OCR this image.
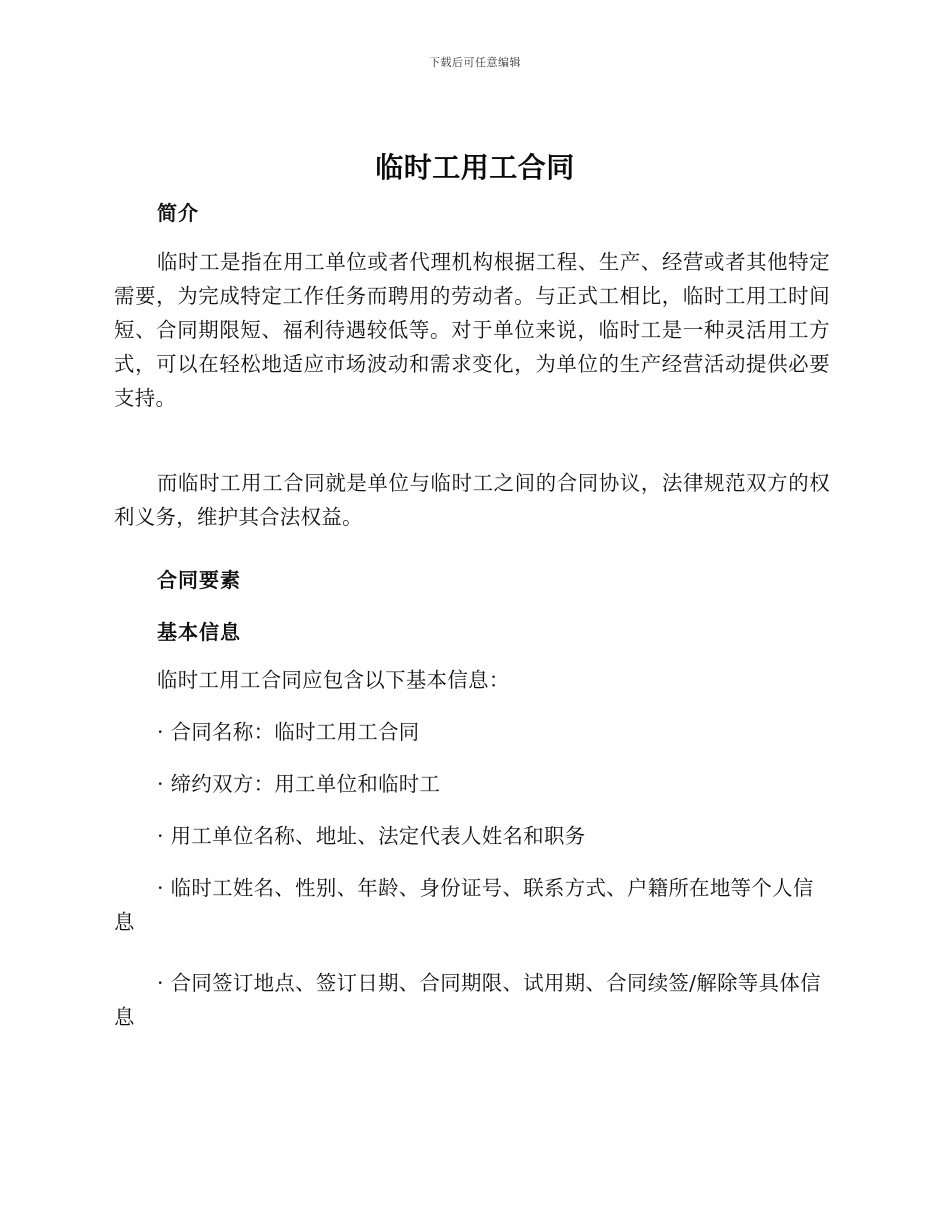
下载后可任意编辑
临时工用工合同
简介
临时工是指在用工单位或者代理机构根据工程、生产、经营或者其他特定需要，为完成特定工作任务而聘用的劳动者。与正式工相比，临时工用工时间短、合同期限短、福利待遇较低等。对于单位来说，临时工是一种灵活用工方式，可以在轻松地适应市场波动和需求变化，为单位的生产经营活动提供必要支持。
而临时工用工合同就是单位与临时工之间的合同协议，法律规范双方的权利义务，维护其合法权益。
合同要素
基本信息
临时工用工合同应包含以下基本信息：
· 合同名称：临时工用工合同
· 缔约双方：用工单位和临时工
· 用工单位名称、地址、法定代表人姓名和职务
· 临时工姓名、性别、年龄、身份证号、联系方式、户籍所在地等个人信息
· 合同签订地点、签订日期、合同期限、试用期、合同续签/解除等具体信息
